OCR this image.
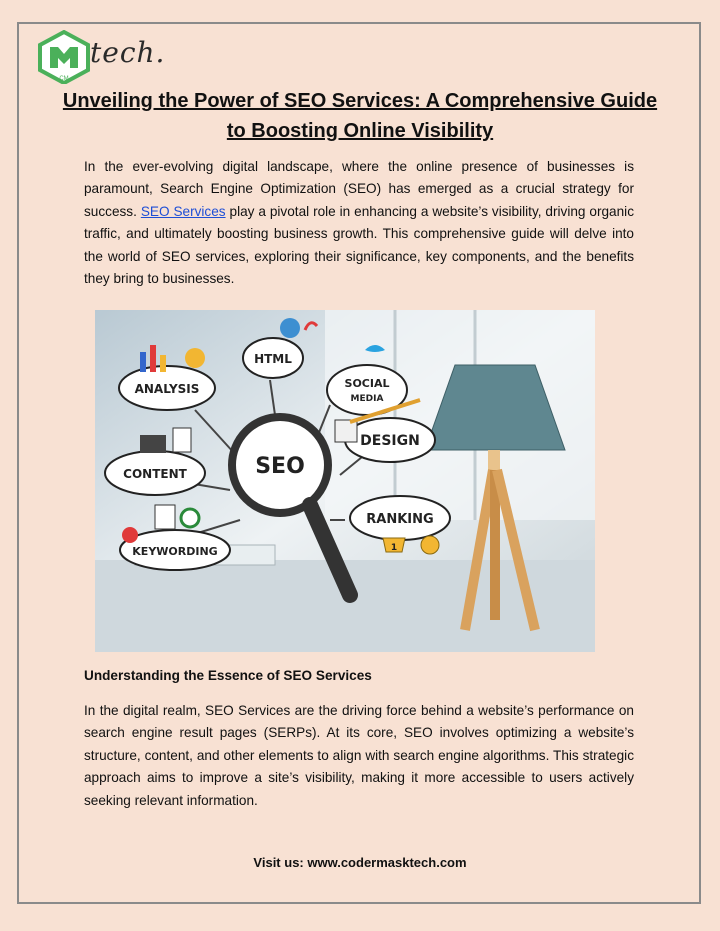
CM
tech.
Unveiling the Power of SEO Services: A Comprehensive Guide to Boosting Online Visibility

In the ever-evolving digital landscape, where the online presence of businesses is paramount, Search Engine Optimization (SEO) has emerged as a crucial strategy for success. SEO Services play a pivotal role in enhancing a website’s visibility, driving organic traffic, and ultimately boosting business growth. This comprehensive guide will delve into the world of SEO services, exploring their significance, key components, and the benefits they bring to businesses.

SEO
HTML
SOCIAL
MEDIA
ANALYSIS
DESIGN
CONTENT
RANKING
KEYWORDING	1
Understanding the Essence of SEO Services

In the digital realm, SEO Services are the driving force behind a website’s performance on search engine result pages (SERPs). At its core, SEO involves optimizing a website’s structure, content, and other elements to align with search engine algorithms. This strategic approach aims to improve a site’s visibility, making it more accessible to users actively seeking relevant information.

Visit us: www.codermasktech.com
